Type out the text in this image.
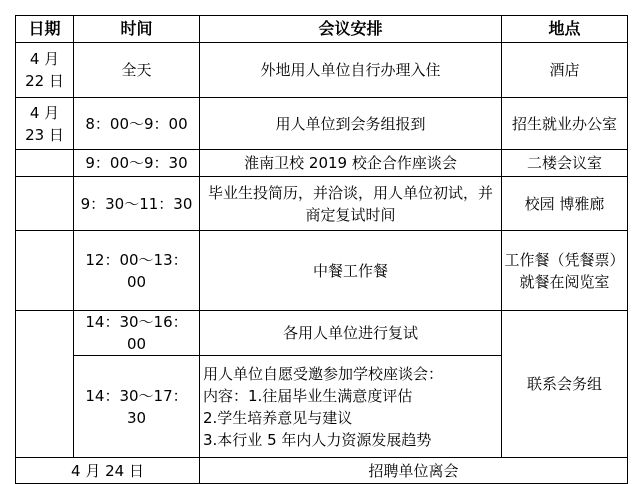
日期	时间	会议安排	地点
4 月 22 日	全天	外地用人单位自行办理入住	酒店
4 月 23 日	8：00～9：00	用人单位到会务组报到	招生就业办公室
	9：00～9：30	淮南卫校 2019 校企合作座谈会	二楼会议室
	9：30～11：30	毕业生投简历，并洽谈，用人单位初试，并商定复试时间	校园 博雅廊
	12：00～13：00	中餐工作餐	工作餐（凭餐票）
就餐在阅览室

	14：30～16：00	各用人单位进行复试	联系会务组
	14：30～17：30	用人单位自愿受邀参加学校座谈会：
内容：1.往届毕业生满意度评估
2.学生培养意见与建议
3.本行业 5 年内人力资源发展趋势	

4 月 24 日		招聘单位离会	
